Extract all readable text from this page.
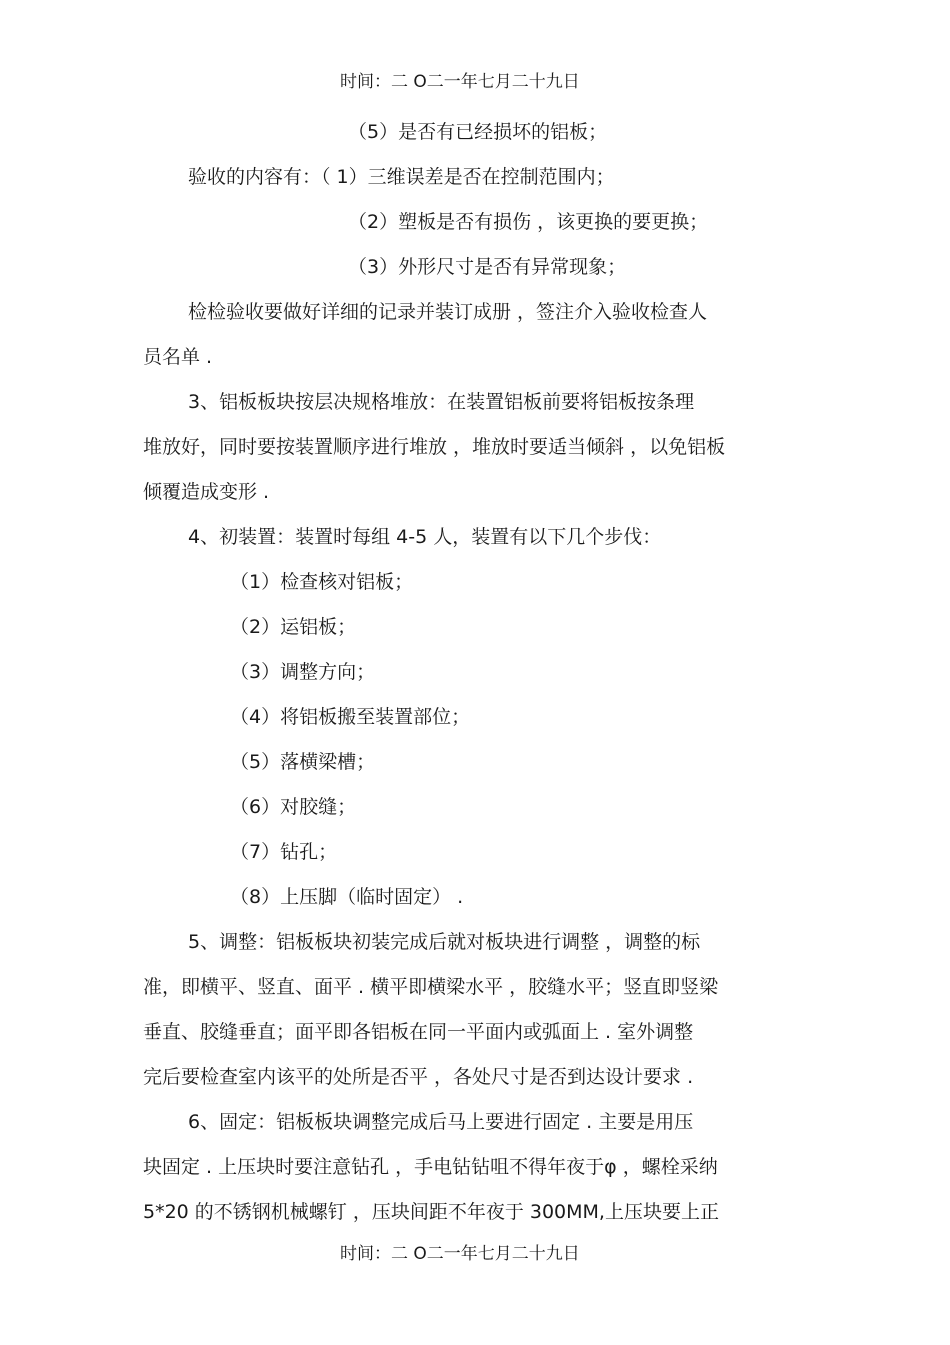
时间：二 O二一年七月二十九日
（5）是否有已经损坏的铝板；
验收的内容有：（ 1）三维误差是否在控制范围内；
（2）塑板是否有损伤 ，该更换的要更换；
（3）外形尺寸是否有异常现象；
检检验收要做好详细的记录并装订成册 ，签注介入验收检查人
员名单 .
3、铝板板块按层决规格堆放：在装置铝板前要将铝板按条理
堆放好，同时要按装置顺序进行堆放 ，堆放时要适当倾斜 ，以免铝板
倾覆造成变形 .
4、初装置：装置时每组 4-5 人，装置有以下几个步伐：
（1）检查核对铝板；
（2）运铝板；
（3）调整方向；
（4）将铝板搬至装置部位；
（5）落横梁槽；
（6）对胶缝；
（7）钻孔；
（8）上压脚（临时固定） .
5、调整：铝板板块初装完成后就对板块进行调整 ，调整的标
准，即横平、竖直、面平 . 横平即横梁水平 ，胶缝水平；竖直即竖梁
垂直、胶缝垂直；面平即各铝板在同一平面内或弧面上 . 室外调整
完后要检查室内该平的处所是否平 ，各处尺寸是否到达设计要求 .
6、固定：铝板板块调整完成后马上要进行固定 . 主要是用压
块固定 . 上压块时要注意钻孔 ，手电钻钻咀不得年夜于φ ，螺栓采纳
5*20 的不锈钢机械螺钉 ，压块间距不年夜于 300MM,上压块要上正
时间：二 O二一年七月二十九日
